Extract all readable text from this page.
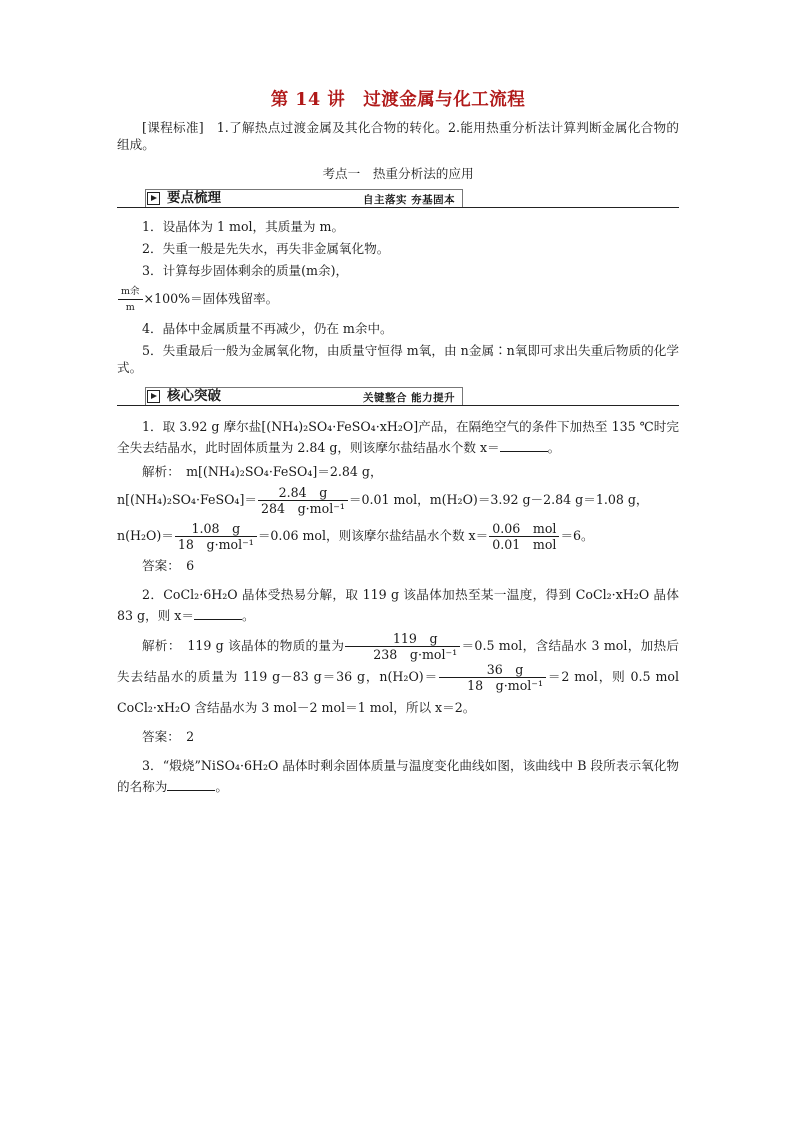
第 14 讲　过渡金属与化工流程

[课程标准]　1.了解热点过渡金属及其化合物的转化。2.能用热重分析法计算判断金属化合物的组成。

考点一　热重分析法的应用

要点梳理	自主落实 夯基固本

1．设晶体为 1 mol，其质量为 m。

2．失重一般是先失水，再失非金属氧化物。

3．计算每步固体剩余的质量(m余)，

$\frac{\text{m余}}{m} \times 100\%=$固体残留率。

4．晶体中金属质量不再减少，仍在 m余中。

5．失重最后一般为金属氧化物，由质量守恒得 m氧，由 n金属∶n氧即可求出失重后物质的化学式。

核心突破	关键整合 能力提升

1．取 3.92 g 摩尔盐[(NH₄)₂SO₄·FeSO₄·xH₂O]产品，在隔绝空气的条件下加热至 135 ℃时完全失去结晶水，此时固体质量为 2.84 g，则该摩尔盐结晶水个数 x＝	。

解析：　m[(NH₄)₂SO₄·FeSO₄]＝2.84 g，

n[(NH₄)₂SO₄·FeSO₄]＝ $\frac{2.84 g}{\text{284　g·mol⁻¹}} =0.01$ mol，m(H₂O)＝3.92 g－2.84 g＝1.08 g，

$n(H_2O)= \frac{1.08 g}{\text{18　g·mol⁻¹}} =0.06$ mol，则该摩尔盐结晶水个数 $x= \frac{\text{0.06　mol}}{\text{0.01　mol}} =6$。

答案：　6

2．CoCl₂·6H₂O 晶体受热易分解，取 119 g 该晶体加热至某一温度，得到 CoCl₂·xH₂O 晶体 83 g，则 x＝	。

解析：　119 g 该晶体的物质的量为 $\frac{119 g}{\text{238　g·mol⁻¹}} =0.5$ mol，含结晶水 3 mol，加热后失去结晶水的质量为 119 g－83 g＝36 g，$n(H_2O)= \frac{36 g}{\text{18　g·mol⁻¹}} =2$ mol，则 0.5 mol CoCl₂·xH₂O 含结晶水为 3 mol－2 mol＝1 mol，所以 x＝2。

答案：　2

3．“煅烧”NiSO₄·6H₂O 晶体时剩余固体质量与温度变化曲线如图，该曲线中 B 段所表示氧化物的名称为	。
